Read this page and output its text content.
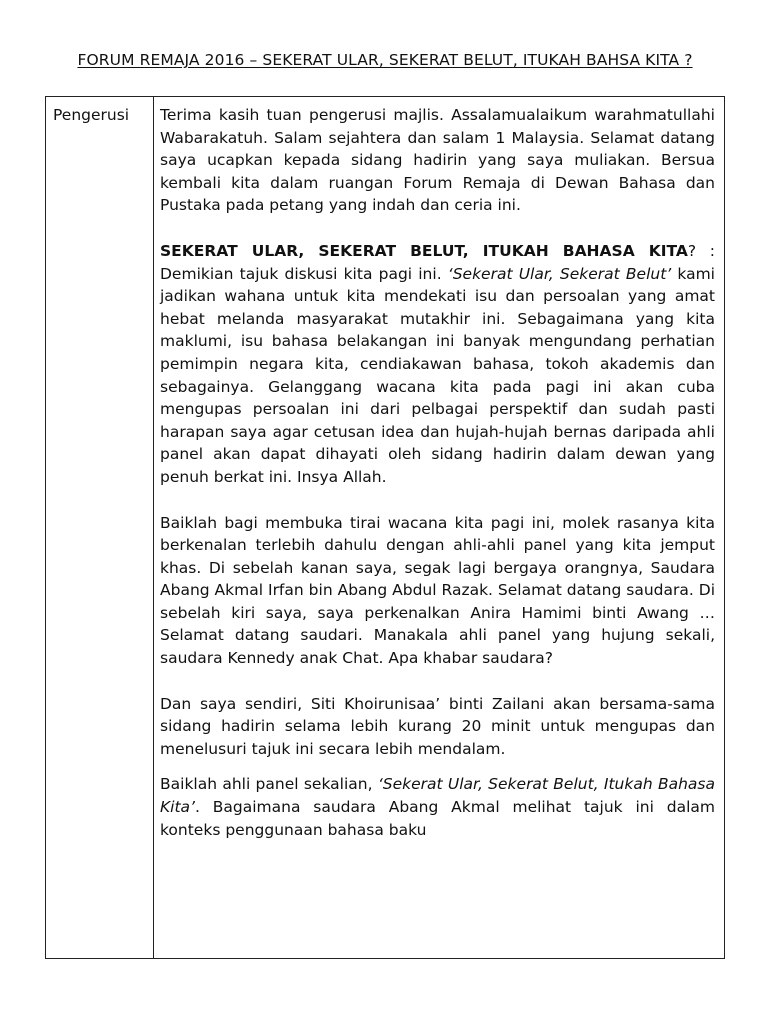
FORUM REMAJA 2016 – SEKERAT ULAR, SEKERAT BELUT, ITUKAH BAHSA KITA ?
Pengerusi Terima kasih tuan pengerusi majlis. Assalamualaikum warahmatullahi Wabarakatuh. Salam sejahtera dan salam 1 Malaysia. Selamat datang saya ucapkan kepada sidang hadirin yang saya muliakan. Bersua kembali kita dalam ruangan Forum Remaja di Dewan Bahasa dan Pustaka pada petang yang indah dan ceria ini.

SEKERAT ULAR, SEKERAT BELUT, ITUKAH BAHASA KITA? : Demikian tajuk diskusi kita pagi ini. ‘Sekerat Ular, Sekerat Belut’ kami jadikan wahana untuk kita mendekati isu dan persoalan yang amat hebat melanda masyarakat mutakhir ini. Sebagaimana yang kita maklumi, isu bahasa belakangan ini banyak mengundang perhatian pemimpin negara kita, cendiakawan bahasa, tokoh akademis dan sebagainya. Gelanggang wacana kita pada pagi ini akan cuba mengupas persoalan ini dari pelbagai perspektif dan sudah pasti harapan saya agar cetusan idea dan hujah-hujah bernas daripada ahli panel akan dapat dihayati oleh sidang hadirin dalam dewan yang penuh berkat ini. Insya Allah.

Baiklah bagi membuka tirai wacana kita pagi ini, molek rasanya kita berkenalan terlebih dahulu dengan ahli-ahli panel yang kita jemput khas. Di sebelah kanan saya, segak lagi bergaya orangnya, Saudara Abang Akmal Irfan bin Abang Abdul Razak. Selamat datang saudara. Di sebelah kiri saya, saya perkenalkan Anira Hamimi binti Awang …Selamat datang saudari. Manakala ahli panel yang hujung sekali, saudara Kennedy anak Chat. Apa khabar saudara?

Dan saya sendiri, Siti Khoirunisaa’ binti Zailani akan bersama-sama sidang hadirin selama lebih kurang 20 minit untuk mengupas dan menelusuri tajuk ini secara lebih mendalam.

Baiklah ahli panel sekalian, ‘Sekerat Ular, Sekerat Belut, Itukah Bahasa Kita’. Bagaimana saudara Abang Akmal melihat tajuk ini dalam konteks penggunaan bahasa baku
